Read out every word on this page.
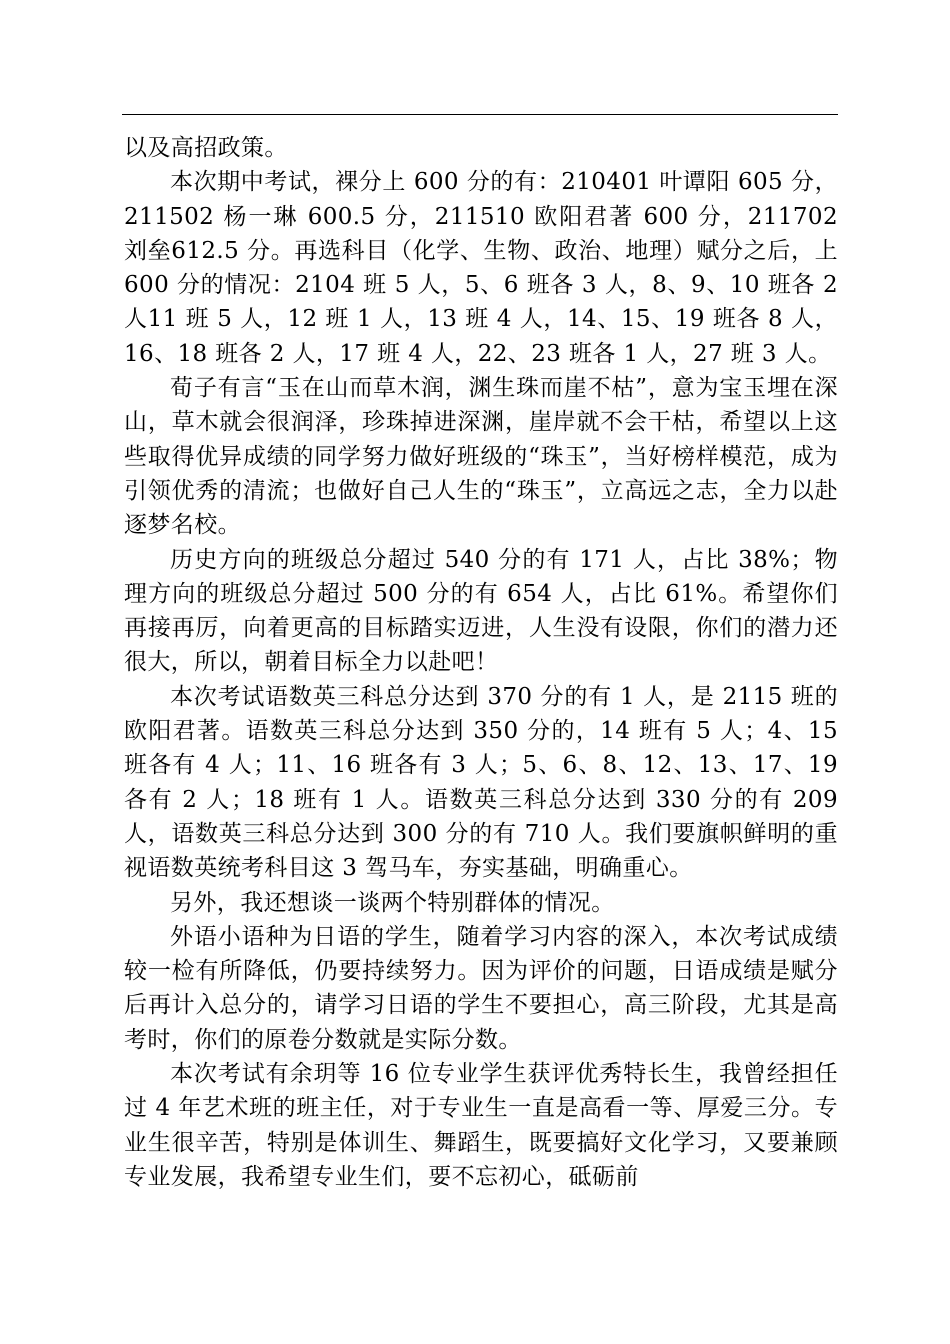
以及高招政策。

本次期中考试，裸分上 600 分的有：210401 叶谭阳 605 分，211502 杨一琳 600.5 分，211510 欧阳君著 600 分，211702 刘垒612.5 分。再选科目（化学、生物、政治、地理）赋分之后，上600 分的情况：2104 班 5 人，5、6 班各 3 人，8、9、10 班各 2 人11 班 5 人，12 班 1 人，13 班 4 人，14、15、19 班各 8 人，16、18 班各 2 人，17 班 4 人，22、23 班各 1 人，27 班 3 人。

荀子有言“玉在山而草木润，渊生珠而崖不枯”，意为宝玉埋在深山，草木就会很润泽，珍珠掉进深渊，崖岸就不会干枯，希望以上这些取得优异成绩的同学努力做好班级的“珠玉”，当好榜样模范，成为引领优秀的清流；也做好自己人生的“珠玉”，立高远之志，全力以赴逐梦名校。

历史方向的班级总分超过 540 分的有 171 人，占比 38%；物理方向的班级总分超过 500 分的有 654 人，占比 61%。希望你们再接再厉，向着更高的目标踏实迈进，人生没有设限，你们的潜力还很大，所以，朝着目标全力以赴吧！

本次考试语数英三科总分达到 370 分的有 1 人，是 2115 班的欧阳君著。语数英三科总分达到 350 分的，14 班有 5 人；4、15 班各有 4 人；11、16 班各有 3 人；5、6、8、12、13、17、19 各有 2 人；18 班有 1 人。语数英三科总分达到 330 分的有 209 人，语数英三科总分达到 300 分的有 710 人。我们要旗帜鲜明的重视语数英统考科目这 3 驾马车，夯实基础，明确重心。

另外，我还想谈一谈两个特别群体的情况。

外语小语种为日语的学生，随着学习内容的深入，本次考试成绩较一检有所降低，仍要持续努力。因为评价的问题，日语成绩是赋分后再计入总分的，请学习日语的学生不要担心，高三阶段，尤其是高考时，你们的原卷分数就是实际分数。

本次考试有余玥等 16 位专业学生获评优秀特长生，我曾经担任过 4 年艺术班的班主任，对于专业生一直是高看一等、厚爱三分。专业生很辛苦，特别是体训生、舞蹈生，既要搞好文化学习，又要兼顾专业发展，我希望专业生们，要不忘初心，砥砺前
